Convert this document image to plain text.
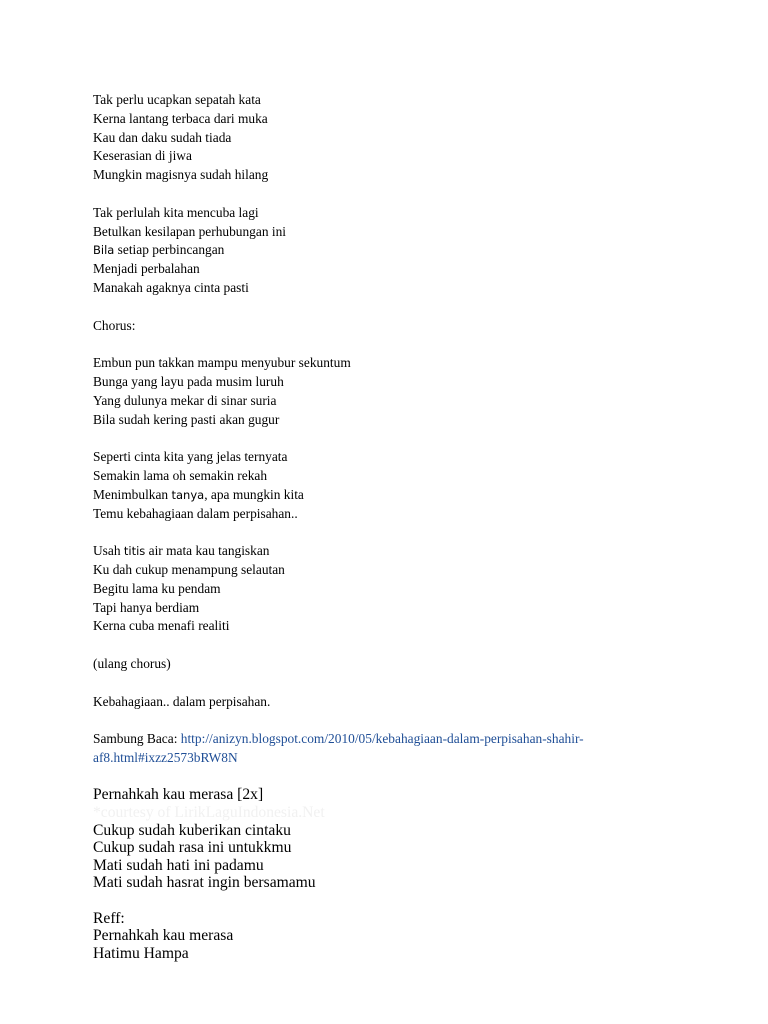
Tak perlu ucapkan sepatah kata
Kerna lantang terbaca dari muka
Kau dan daku sudah tiada
Keserasian di jiwa
Mungkin magisnya sudah hilang
Tak perlulah kita mencuba lagi
Betulkan kesilapan perhubungan ini
Bila setiap perbincangan
Menjadi perbalahan
Manakah agaknya cinta pasti
Chorus:
Embun pun takkan mampu menyubur sekuntum
Bunga yang layu pada musim luruh
Yang dulunya mekar di sinar suria
Bila sudah kering pasti akan gugur
Seperti cinta kita yang jelas ternyata
Semakin lama oh semakin rekah
Menimbulkan tanya, apa mungkin kita
Temu kebahagiaan dalam perpisahan..
Usah titis air mata kau tangiskan
Ku dah cukup menampung selautan
Begitu lama ku pendam
Tapi hanya berdiam
Kerna cuba menafi realiti
(ulang chorus)
Kebahagiaan.. dalam perpisahan.
Sambung Baca: http://anizyn.blogspot.com/2010/05/kebahagiaan-dalam-perpisahan-shahir-
af8.html#ixzz2573bRW8N
Pernahkah kau merasa [2x]
*courtesy of LirikLaguIndonesia.Net
Cukup sudah kuberikan cintaku
Cukup sudah rasa ini untukkmu
Mati sudah hati ini padamu
Mati sudah hasrat ingin bersamamu
Reff:
Pernahkah kau merasa
Hatimu Hampa
